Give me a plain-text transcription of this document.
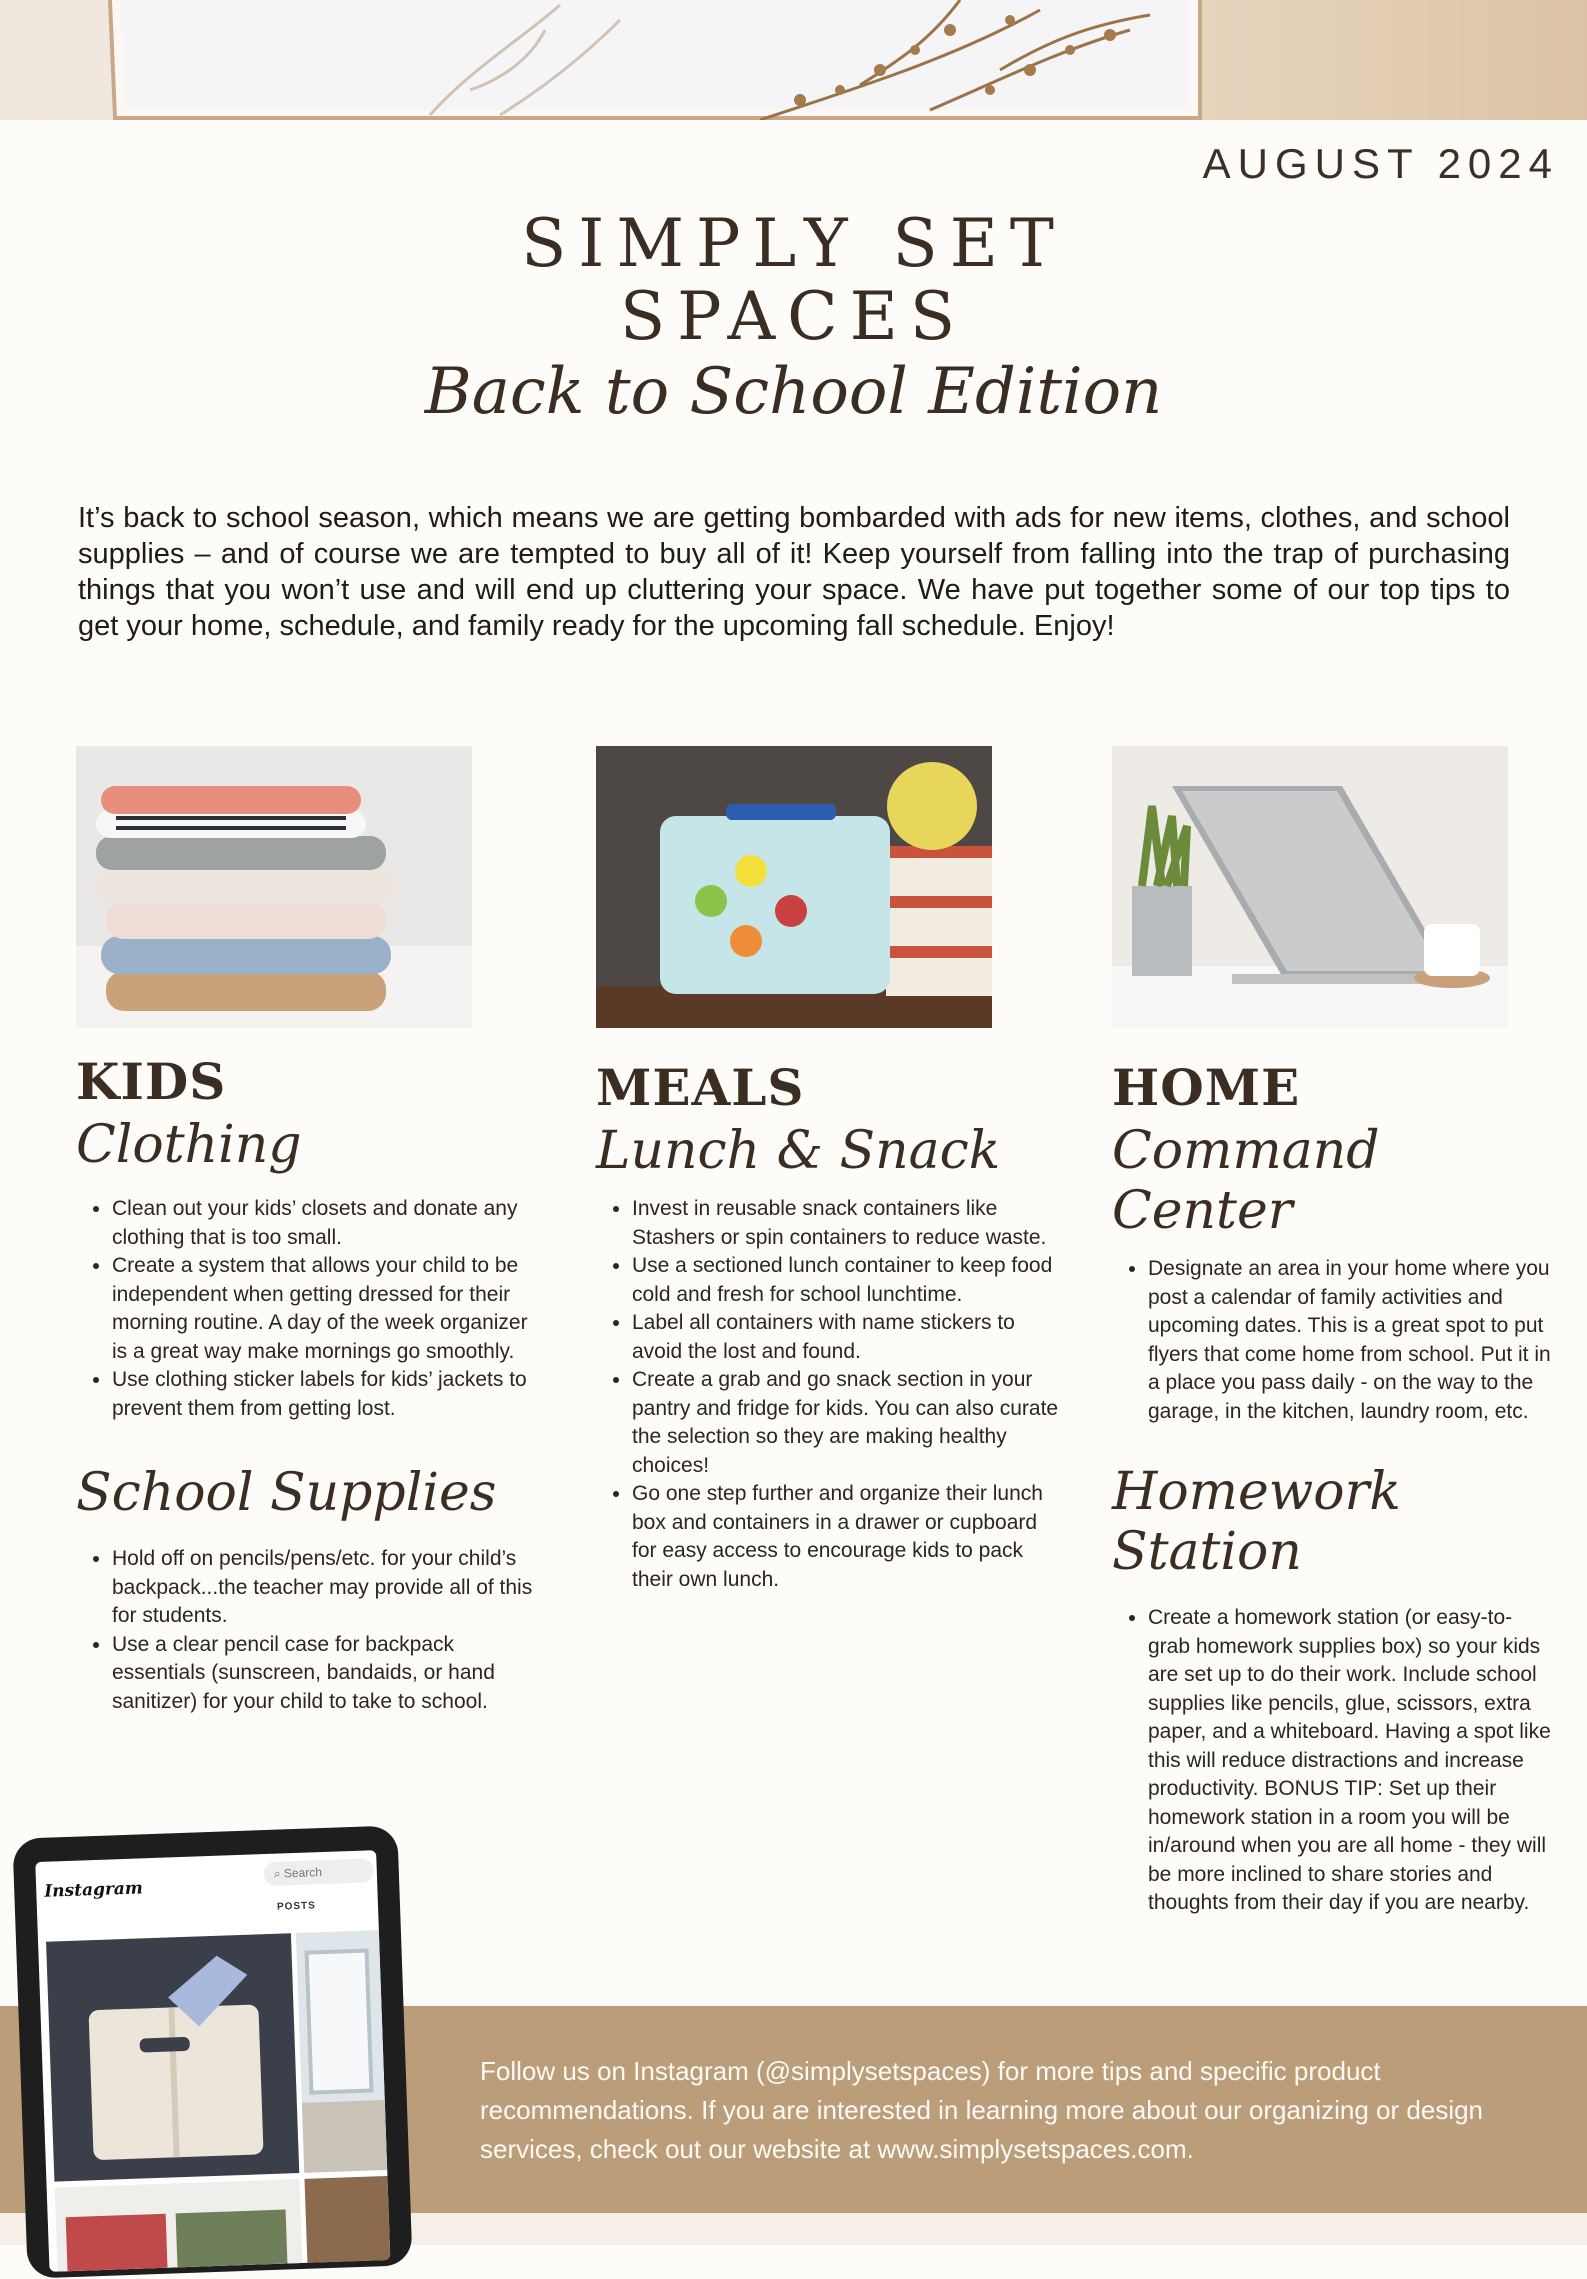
AUGUST 2024
SIMPLY SET
SPACES
Back to School Edition
It’s back to school season, which means we are getting bombarded with ads for new items, clothes, and school supplies – and of course we are tempted to buy all of it! Keep yourself from falling into the trap of purchasing things that you won’t use and will end up cluttering your space. We have put together some of our top tips to get your home, schedule, and family ready for the upcoming fall schedule. Enjoy!
KIDS
Clothing
• Clean out your kids’ closets and donate any clothing that is too small.
• Create a system that allows your child to be independent when getting dressed for their morning routine. A day of the week organizer is a great way make mornings go smoothly.
• Use clothing sticker labels for kids’ jackets to prevent them from getting lost.
School Supplies
• Hold off on pencils/pens/etc. for your child’s backpack...the teacher may provide all of this for students.
• Use a clear pencil case for backpack essentials (sunscreen, bandaids, or hand sanitizer) for your child to take to school.
MEALS
Lunch & Snack
• Invest in reusable snack containers like Stashers or spin containers to reduce waste.
• Use a sectioned lunch container to keep food cold and fresh for school lunchtime.
• Label all containers with name stickers to avoid the lost and found.
• Create a grab and go snack section in your pantry and fridge for kids. You can also curate the selection so they are making healthy choices!
• Go one step further and organize their lunch box and containers in a drawer or cupboard for easy access to encourage kids to pack their own lunch.
HOME
Command Center
• Designate an area in your home where you post a calendar of family activities and upcoming dates. This is a great spot to put flyers that come home from school. Put it in a place you pass daily - on the way to the garage, in the kitchen, laundry room, etc.
Homework Station
• Create a homework station (or easy-to-grab homework supplies box) so your kids are set up to do their work. Include school supplies like pencils, glue, scissors, extra paper, and a whiteboard. Having a spot like this will reduce distractions and increase productivity. BONUS TIP: Set up their homework station in a room you will be in/around when you are all home - they will be more inclined to share stories and thoughts from their day if you are nearby.

Follow us on Instagram (@simplysetspaces) for more tips and specific product recommendations. If you are interested in learning more about our organizing or design services, check out our website at www.simplysetspaces.com.

Instagram
⌕ Search
POSTS
